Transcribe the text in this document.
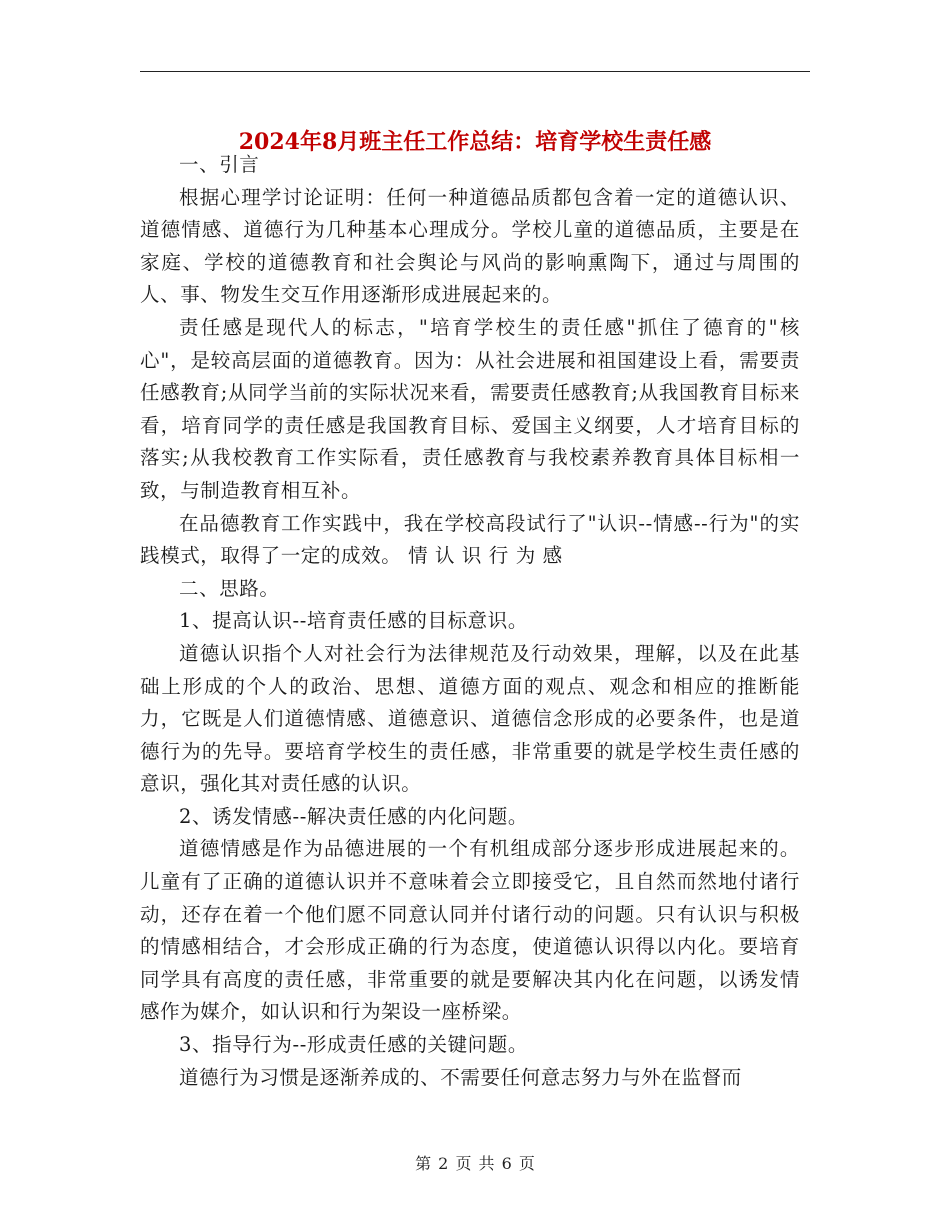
2024年8月班主任工作总结：培育学校生责任感

一、引言

根据心理学讨论证明：任何一种道德品质都包含着一定的道德认识、道德情感、道德行为几种基本心理成分。学校儿童的道德品质，主要是在家庭、学校的道德教育和社会舆论与风尚的影响熏陶下，通过与周围的人、事、物发生交互作用逐渐形成进展起来的。

责任感是现代人的标志，"培育学校生的责任感"抓住了德育的"核心"，是较高层面的道德教育。因为：从社会进展和祖国建设上看，需要责任感教育;从同学当前的实际状况来看，需要责任感教育;从我国教育目标来看，培育同学的责任感是我国教育目标、爱国主义纲要，人才培育目标的落实;从我校教育工作实际看，责任感教育与我校素养教育具体目标相一致，与制造教育相互补。

在品德教育工作实践中，我在学校高段试行了"认识--情感--行为"的实践模式，取得了一定的成效。 情 认 识 行 为 感

二、思路。

1、提高认识--培育责任感的目标意识。

道德认识指个人对社会行为法律规范及行动效果，理解，以及在此基础上形成的个人的政治、思想、道德方面的观点、观念和相应的推断能力，它既是人们道德情感、道德意识、道德信念形成的必要条件，也是道德行为的先导。要培育学校生的责任感，非常重要的就是学校生责任感的意识，强化其对责任感的认识。

2、诱发情感--解决责任感的内化问题。

道德情感是作为品德进展的一个有机组成部分逐步形成进展起来的。儿童有了正确的道德认识并不意味着会立即接受它，且自然而然地付诸行动，还存在着一个他们愿不同意认同并付诸行动的问题。只有认识与积极的情感相结合，才会形成正确的行为态度，使道德认识得以内化。要培育同学具有高度的责任感，非常重要的就是要解决其内化在问题，以诱发情感作为媒介，如认识和行为架设一座桥梁。

3、指导行为--形成责任感的关键问题。

道德行为习惯是逐渐养成的、不需要任何意志努力与外在监督而

第 2 页 共 6 页
